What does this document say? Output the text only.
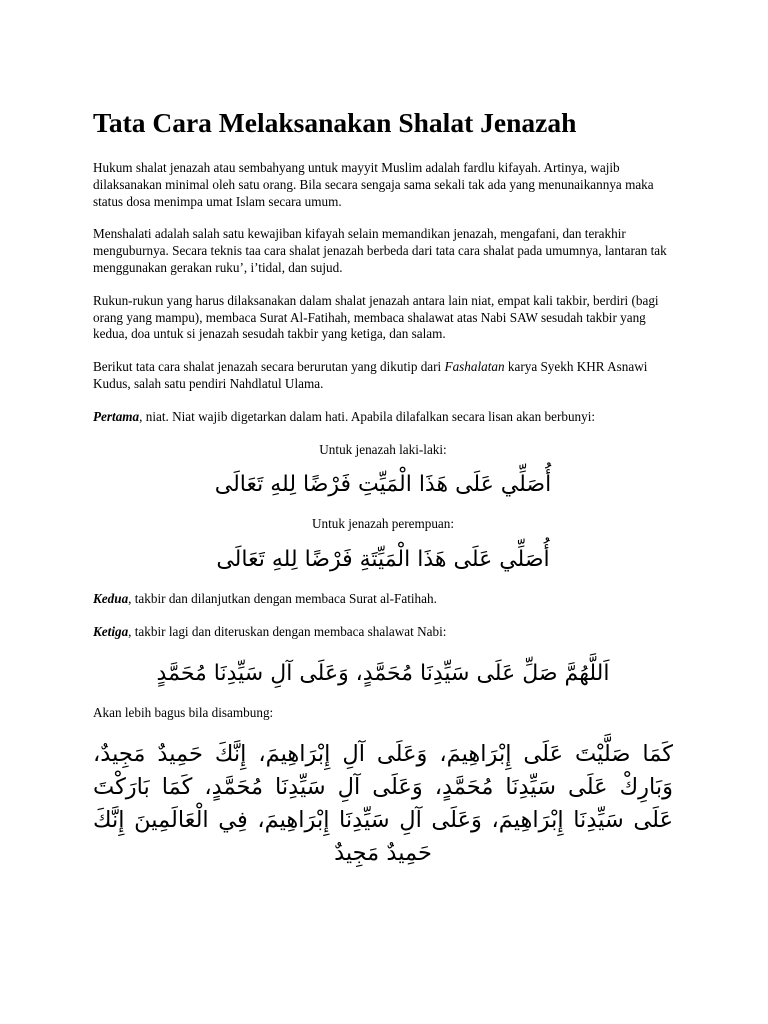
Tata Cara Melaksanakan Shalat Jenazah

Hukum shalat jenazah atau sembahyang untuk mayyit Muslim adalah fardlu kifayah. Artinya, wajib dilaksanakan minimal oleh satu orang. Bila secara sengaja sama sekali tak ada yang menunaikannya maka status dosa menimpa umat Islam secara umum.

Menshalati adalah salah satu kewajiban kifayah selain memandikan jenazah, mengafani, dan terakhir menguburnya. Secara teknis taa cara shalat jenazah berbeda dari tata cara shalat pada umumnya, lantaran tak menggunakan gerakan ruku’, i’tidal, dan sujud.

Rukun-rukun yang harus dilaksanakan dalam shalat jenazah antara lain niat, empat kali takbir, berdiri (bagi orang yang mampu), membaca Surat Al-Fatihah, membaca shalawat atas Nabi SAW sesudah takbir yang kedua, doa untuk si jenazah sesudah takbir yang ketiga, dan salam.

Berikut tata cara shalat jenazah secara berurutan yang dikutip dari Fashalatan karya Syekh KHR Asnawi Kudus, salah satu pendiri Nahdlatul Ulama.

Pertama, niat. Niat wajib digetarkan dalam hati. Apabila dilafalkan secara lisan akan berbunyi:

Untuk jenazah laki-laki:

أُصَلِّي عَلَى هَذَا الْمَيِّتِ فَرْضًا لِلهِ تَعَالَى

Untuk jenazah perempuan:

أُصَلِّي عَلَى هَذَا الْمَيِّتَةِ فَرْضًا لِلهِ تَعَالَى

Kedua, takbir dan dilanjutkan dengan membaca Surat al-Fatihah.

Ketiga, takbir lagi dan diteruskan dengan membaca shalawat Nabi:

اَللَّهُمَّ صَلِّ عَلَى سَيِّدِنَا مُحَمَّدٍ، وَعَلَى آلِ سَيِّدِنَا مُحَمَّدٍ

Akan lebih bagus bila disambung:

كَمَا صَلَّيْتَ عَلَى إِبْرَاهِيمَ، وَعَلَى آلِ إِبْرَاهِيمَ، إِنَّكَ حَمِيدٌ مَجِيدٌ، وَبَارِكْ عَلَى سَيِّدِنَا مُحَمَّدٍ، وَعَلَى آلِ سَيِّدِنَا مُحَمَّدٍ، كَمَا بَارَكْتَ عَلَى سَيِّدِنَا إِبْرَاهِيمَ، وَعَلَى آلِ سَيِّدِنَا إِبْرَاهِيمَ، فِي الْعَالَمِينَ إِنَّكَ حَمِيدٌ مَجِيدٌ
